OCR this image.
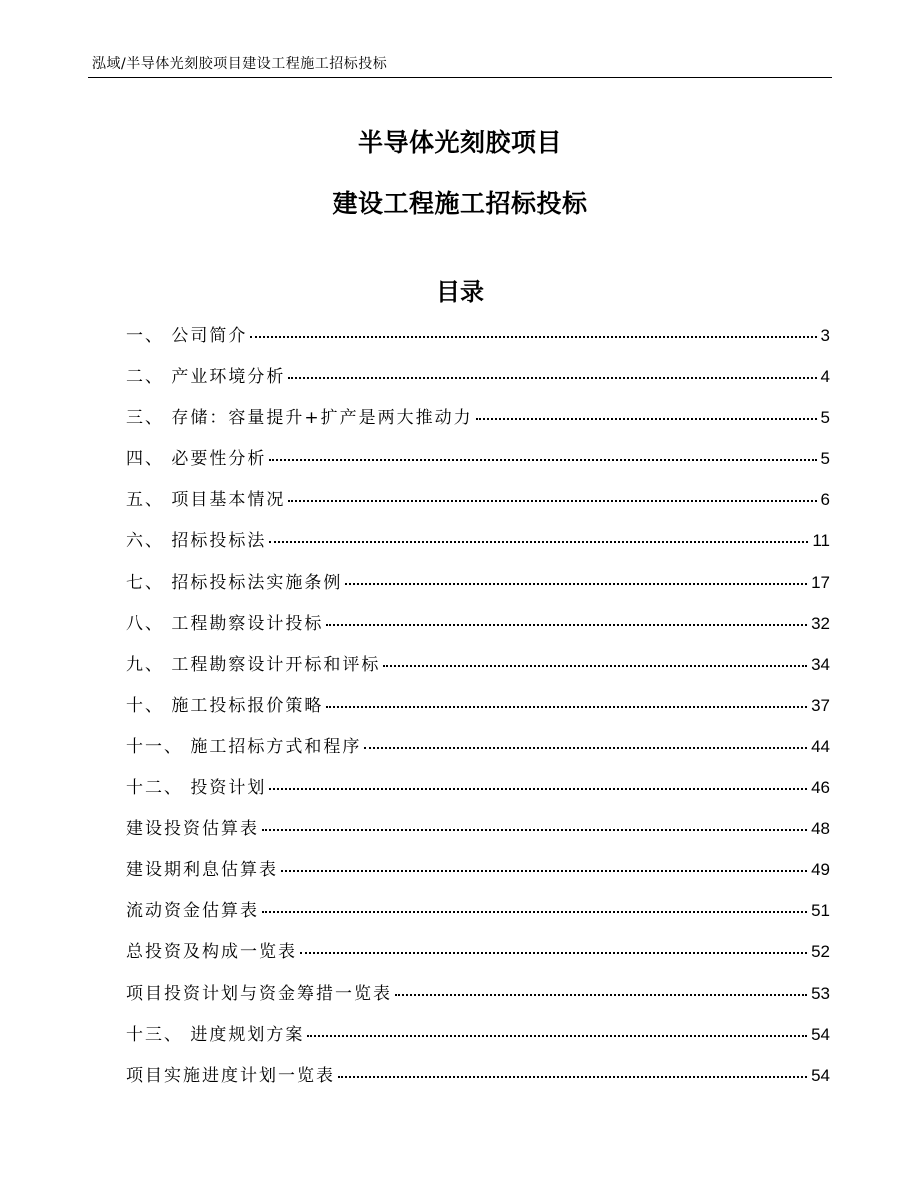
泓域/半导体光刻胶项目建设工程施工招标投标
半导体光刻胶项目
建设工程施工招标投标
目录
一、 公司简介	3
二、 产业环境分析	4
三、 存储：容量提升+扩产是两大推动力	5
四、 必要性分析	5
五、 项目基本情况	6
六、 招标投标法	11
七、 招标投标法实施条例	17
八、 工程勘察设计投标	32
九、 工程勘察设计开标和评标	34
十、 施工投标报价策略	37
十一、 施工招标方式和程序	44
十二、 投资计划	46
建设投资估算表	48
建设期利息估算表	49
流动资金估算表	51
总投资及构成一览表	52
项目投资计划与资金筹措一览表	53
十三、 进度规划方案	54
项目实施进度计划一览表	54
